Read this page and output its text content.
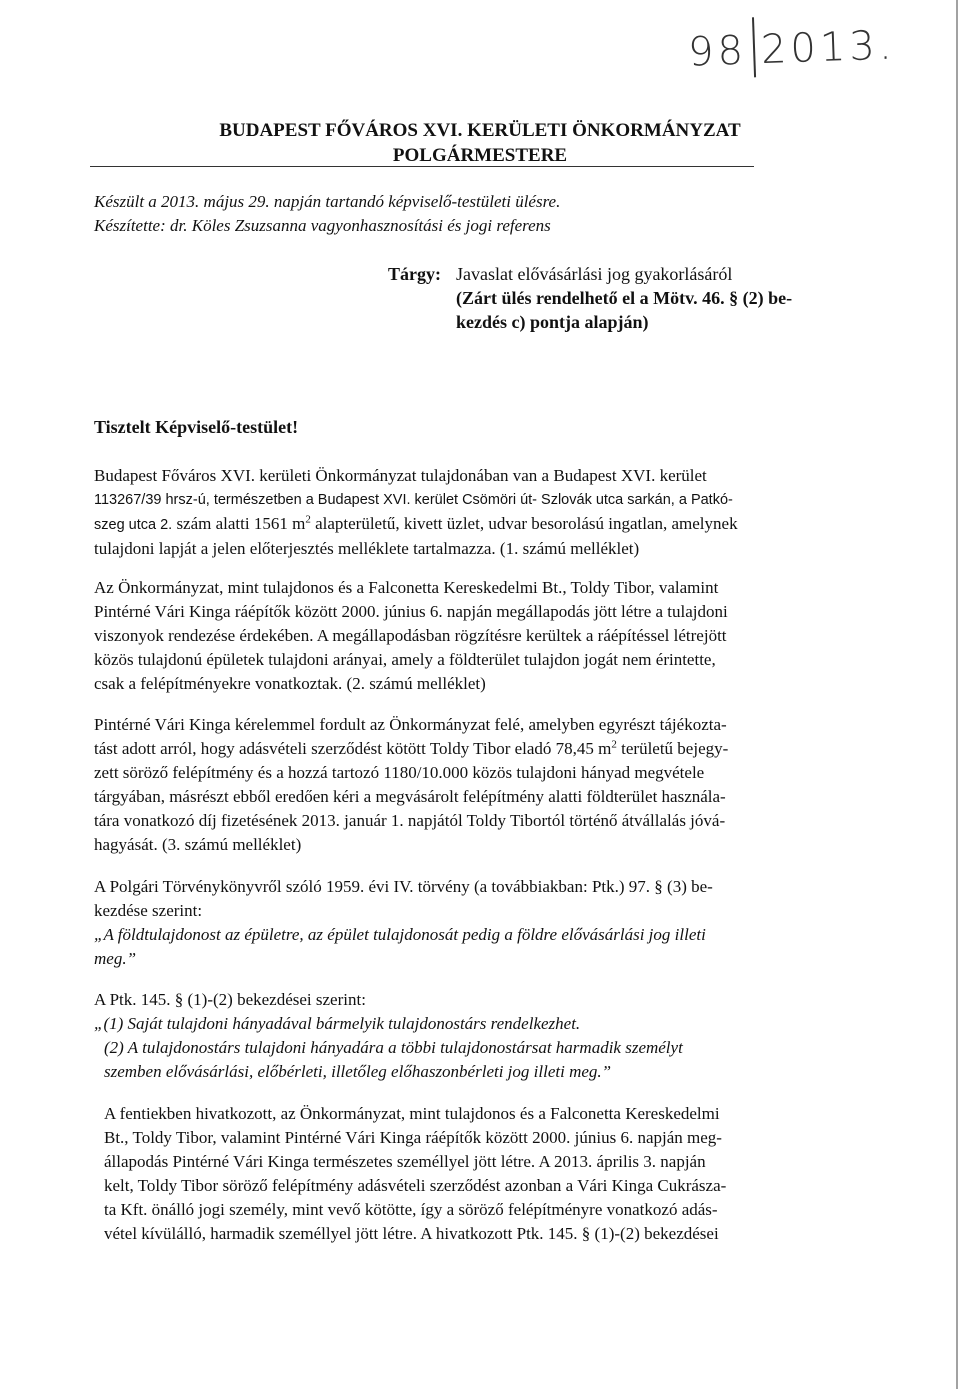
98 2013.
BUDAPEST FŐVÁROS XVI. KERÜLETI ÖNKORMÁNYZAT
POLGÁRMESTERE
Készült a 2013. május 29. napján tartandó képviselő-testületi ülésre.
Készítette: dr. Köles Zsuzsanna vagyonhasznosítási és jogi referens
Tárgy: Javaslat elővásárlási jog gyakorlásáról
(Zárt ülés rendelhető el a Mötv. 46. § (2) be-
kezdés c) pontja alapján)
Tisztelt Képviselő-testület!

Budapest Főváros XVI. kerületi Önkormányzat tulajdonában van a Budapest XVI. kerület

113267/39 hrsz-ú, természetben a Budapest XVI. kerület Csömöri út- Szlovák utca sarkán, a Patkó-

szeg utca 2. szám alatti 1561 $m^2$ alapterületű, kivett üzlet, udvar besorolású ingatlan, amelynek

tulajdoni lapját a jelen előterjesztés melléklete tartalmazza. (1. számú melléklet)

Az Önkormányzat, mint tulajdonos és a Falconetta Kereskedelmi Bt., Toldy Tibor, valamint

Pintérné Vári Kinga ráépítők között 2000. június 6. napján megállapodás jött létre a tulajdoni

viszonyok rendezése érdekében. A megállapodásban rögzítésre kerültek a ráépítéssel létrejött

közös tulajdonú épületek tulajdoni arányai, amely a földterület tulajdon jogát nem érintette,

csak a felépítményekre vonatkoztak. (2. számú melléklet)

Pintérné Vári Kinga kérelemmel fordult az Önkormányzat felé, amelyben egyrészt tájékozta-

tást adott arról, hogy adásvételi szerződést kötött Toldy Tibor eladó 78,45 $m^2$ területű bejegy-

zett söröző felépítmény és a hozzá tartozó 1180/10.000 közös tulajdoni hányad megvétele

tárgyában, másrészt ebből eredően kéri a megvásárolt felépítmény alatti földterület használa-

tára vonatkozó díj fizetésének 2013. január 1. napjától Toldy Tibortól történő átvállalás jóvá-

hagyását. (3. számú melléklet)

A Polgári Törvénykönyvről szóló 1959. évi IV. törvény (a továbbiakban: Ptk.) 97. § (3) be-

kezdése szerint:

„A földtulajdonost az épületre, az épület tulajdonosát pedig a földre elővásárlási jog illeti

meg.”

A Ptk. 145. § (1)-(2) bekezdései szerint:

„(1) Saját tulajdoni hányadával bármelyik tulajdonostárs rendelkezhet.

(2) A tulajdonostárs tulajdoni hányadára a többi tulajdonostársat harmadik személyt

szemben elővásárlási, előbérleti, illetőleg előhaszonbérleti jog illeti meg.”

A fentiekben hivatkozott, az Önkormányzat, mint tulajdonos és a Falconetta Kereskedelmi

Bt., Toldy Tibor, valamint Pintérné Vári Kinga ráépítők között 2000. június 6. napján meg-

állapodás Pintérné Vári Kinga természetes személlyel jött létre. A 2013. április 3. napján

kelt, Toldy Tibor söröző felépítmény adásvételi szerződést azonban a Vári Kinga Cukrásza-

ta Kft. önálló jogi személy, mint vevő kötötte, így a söröző felépítményre vonatkozó adás-

vétel kívülálló, harmadik személlyel jött létre. A hivatkozott Ptk. 145. § (1)-(2) bekezdései
